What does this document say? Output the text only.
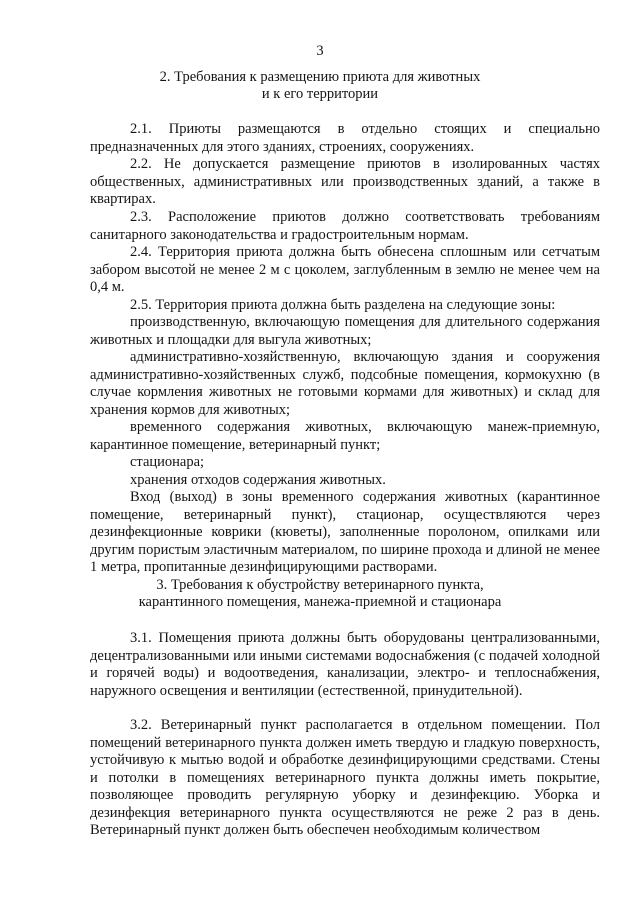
3
2. Требования к размещению приюта для животных
и к его территории

2.1. Приюты размещаются в отдельно стоящих и специально предназначенных для этого зданиях, строениях, сооружениях.

2.2. Не допускается размещение приютов в изолированных частях общественных, административных или производственных зданий, а также в квартирах.

2.3. Расположение приютов должно соответствовать требованиям санитарного законодательства и градостроительным нормам.

2.4. Территория приюта должна быть обнесена сплошным или сетчатым забором высотой не менее 2 м с цоколем, заглубленным в землю не менее чем на 0,4 м.

2.5. Территория приюта должна быть разделена на следующие зоны:

производственную, включающую помещения для длительного содержания животных и площадки для выгула животных;

административно-хозяйственную, включающую здания и сооружения административно-хозяйственных служб, подсобные помещения, кормокухню (в случае кормления животных не готовыми кормами для животных) и склад для хранения кормов для животных;

временного содержания животных, включающую манеж-приемную, карантинное помещение, ветеринарный пункт;

стационара;

хранения отходов содержания животных.

Вход (выход) в зоны временного содержания животных (карантинное помещение, ветеринарный пункт), стационар, осуществляются через дезинфекционные коврики (кюветы), заполненные поролоном, опилками или другим пористым эластичным материалом, по ширине прохода и длиной не менее 1 метра, пропитанные дезинфицирующими растворами.

3. Требования к обустройству ветеринарного пункта,
карантинного помещения, манежа-приемной и стационара

3.1. Помещения приюта должны быть оборудованы централизованными, децентрализованными или иными системами водоснабжения (с подачей холодной и горячей воды) и водоотведения, канализации, электро- и теплоснабжения, наружного освещения и вентиляции (естественной, принудительной).

3.2. Ветеринарный пункт располагается в отдельном помещении. Пол помещений ветеринарного пункта должен иметь твердую и гладкую поверхность, устойчивую к мытью водой и обработке дезинфицирующими средствами. Стены и потолки в помещениях ветеринарного пункта должны иметь покрытие, позволяющее проводить регулярную уборку и дезинфекцию. Уборка и дезинфекция ветеринарного пункта осуществляются не реже 2 раз в день. Ветеринарный пункт должен быть обеспечен необходимым количеством
